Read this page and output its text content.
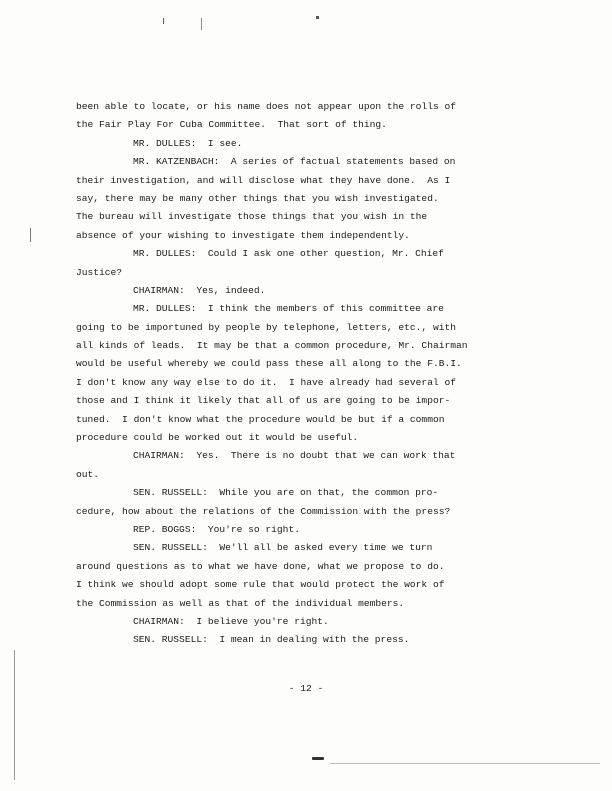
been able to locate, or his name does not appear upon the rolls of
the Fair Play For Cuba Committee.  That sort of thing.
MR. DULLES:  I see.
MR. KATZENBACH:  A series of factual statements based on
their investigation, and will disclose what they have done.  As I
say, there may be many other things that you wish investigated.
The bureau will investigate those things that you wish in the
absence of your wishing to investigate them independently.
MR. DULLES:  Could I ask one other question, Mr. Chief
Justice?
CHAIRMAN:  Yes, indeed.
MR. DULLES:  I think the members of this committee are
going to be importuned by people by telephone, letters, etc., with
all kinds of leads.  It may be that a common procedure, Mr. Chairman
would be useful whereby we could pass these all along to the F.B.I.
I don't know any way else to do it.  I have already had several of
those and I think it likely that all of us are going to be impor-
tuned.  I don't know what the procedure would be but if a common
procedure could be worked out it would be useful.
CHAIRMAN:  Yes.  There is no doubt that we can work that
out.
SEN. RUSSELL:  While you are on that, the common pro-
cedure, how about the relations of the Commission with the press?
REP. BOGGS:  You're so right.
SEN. RUSSELL:  We'll all be asked every time we turn
around questions as to what we have done, what we propose to do.
I think we should adopt some rule that would protect the work of
the Commission as well as that of the individual members.
CHAIRMAN:  I believe you're right.
SEN. RUSSELL:  I mean in dealing with the press.
- 12 -
